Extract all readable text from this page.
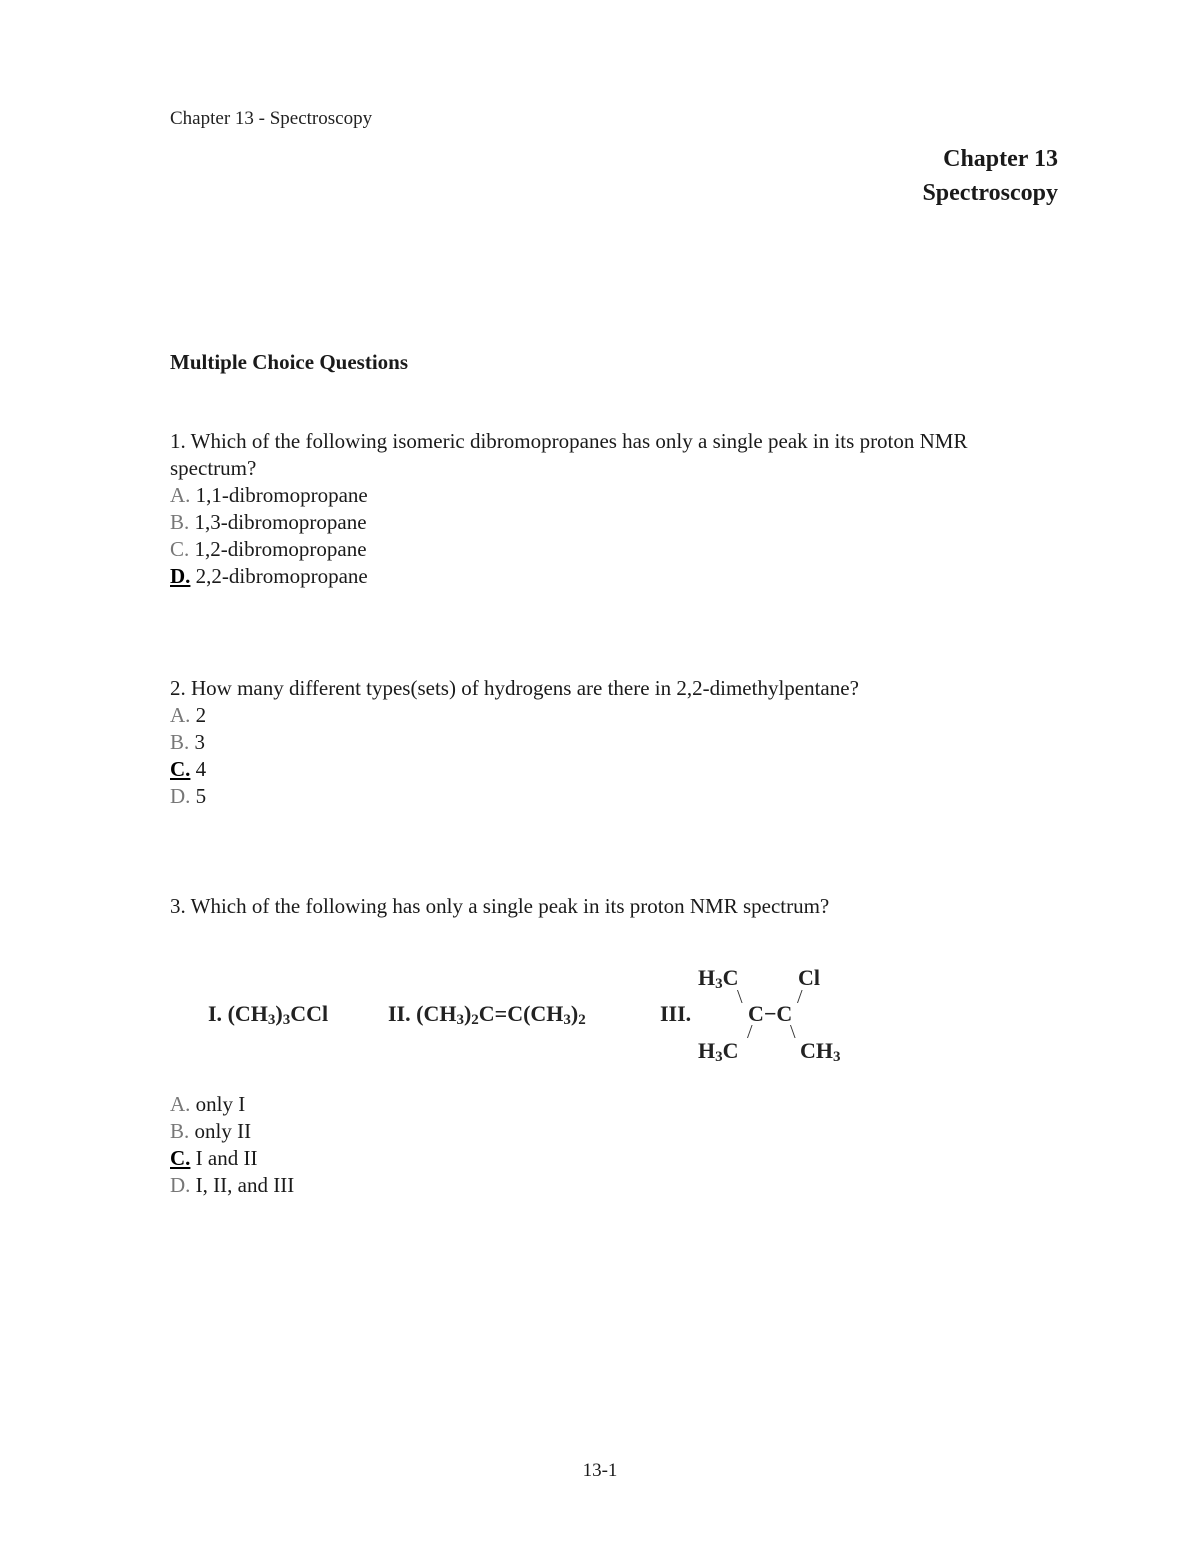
Chapter 13 - Spectroscopy
Chapter 13
Spectroscopy
Multiple Choice Questions
1. Which of the following isomeric dibromopropanes has only a single peak in its proton NMR spectrum?
A. 1,1-dibromopropane
B. 1,3-dibromopropane
C. 1,2-dibromopropane
D. 2,2-dibromopropane
2. How many different types(sets) of hydrogens are there in 2,2-dimethylpentane?
A. 2
B. 3
C. 4
D. 5
3. Which of the following has only a single peak in its proton NMR spectrum?
I. $(CH_3)_3CCl$	II. $(CH_3)_2C=C(CH_3)_2$	III.
$H_3C$	Cl
\	/
C−C
/ \
$H_3C$	$CH_3$
A. only I
B. only II
C. I and II
D. I, II, and III
13-1
